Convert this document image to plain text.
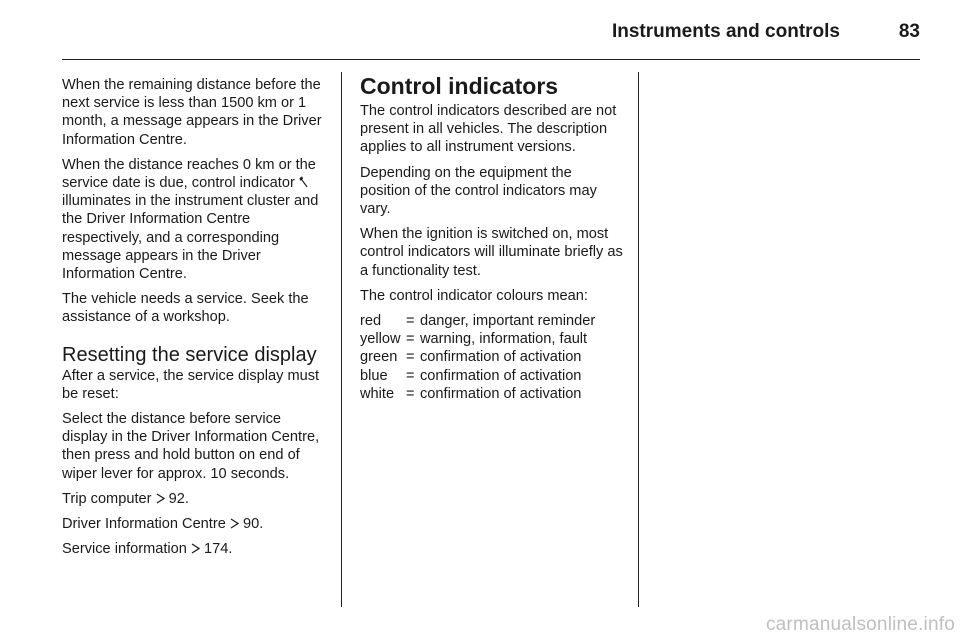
Instruments and controls	83

When the remaining distance before the next service is less than 1500 km or 1 month, a message appears in the Driver Information Centre.

When the distance reaches 0 km or the service date is due, control indicator  illuminates in the instrument cluster and the Driver Information Centre respectively, and a corresponding message appears in the Driver Information Centre.

The vehicle needs a service. Seek the assistance of a workshop.

Resetting the service display

After a service, the service display must be reset:

Select the distance before service display in the Driver Information Centre, then press and hold button on end of wiper lever for approx. 10 seconds.

Trip computer 92.

Driver Information Centre 90.

Service information 174.

Control indicators

The control indicators described are not present in all vehicles. The description applies to all instrument versions.

Depending on the equipment the position of the control indicators may vary.

When the ignition is switched on, most control indicators will illuminate briefly as a functionality test.

The control indicator colours mean:

red	=	danger, important reminder
yellow	=	warning, information, fault
green	=	confirmation of activation
blue	=	confirmation of activation
white	=	confirmation of activation
carmanualsonline.info
